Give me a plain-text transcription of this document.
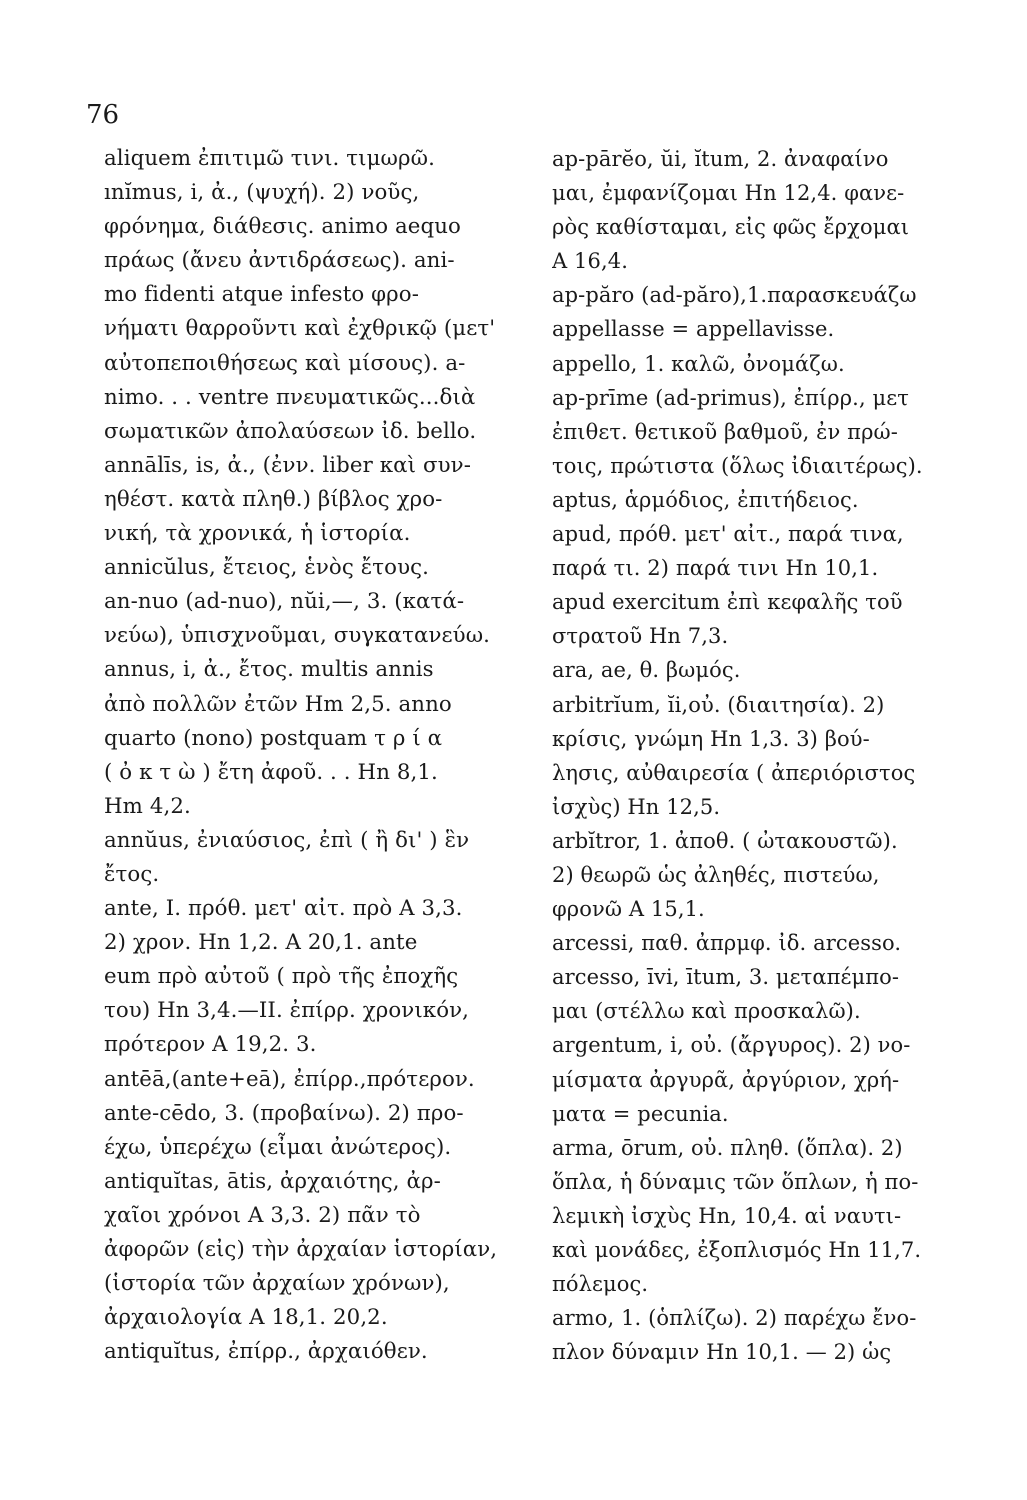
76
aliquem ἐπιτιμῶ τινι. τιμωρῶ.
ınĭmus, i, ἀ., (ψυχή). 2) νοῦς,
φρόνημα, διάθεσις. animo aequo
πράως (ἄνευ ἀντιδράσεως). ani-
mo fidenti atque infesto φρο-
νήματι θαρροῦντι καὶ ἐχθρικῷ (μετ'
αὐτοπεποιθήσεως καὶ μίσους). a-
nimo. . . ventre πνευματικῶς...διὰ
σωματικῶν ἀπολαύσεων ἰδ. bello.
annālīs, is, ἀ., (ἐνν. liber καὶ συν-
ηθέστ. κατὰ πληθ.) βίβλος χρο-
νική, τὰ χρονικά, ἡ ἱστορία.
annicŭlus, ἔτειος, ἑνὸς ἔτους.
an-nuo (ad-nuo), nŭi,—, 3. (κατά-
νεύω), ὑπισχνοῦμαι, συγκατανεύω.
annus, i, ἀ., ἔτος. multis annis
ἀπὸ πολλῶν ἐτῶν Hm 2,5. anno
quarto (nono) postquam τ ρ ί α
( ὀ κ τ ὼ ) ἔτη ἀφοῦ. . . Hn 8,1.
Hm 4,2.
annŭus, ἐνιαύσιος, ἐπὶ ( ἢ δι' ) ἓν
ἔτος.
ante, I. πρόθ. μετ' αἰτ. πρὸ A 3,3.
2) χρον. Hn 1,2. A 20,1. ante
eum πρὸ αὐτοῦ ( πρὸ τῆς ἐποχῆς
του) Hn 3,4.—II. ἐπίρρ. χρονικόν,
πρότερον A 19,2. 3.
antēā,(ante+eā), ἐπίρρ.,πρότερον.
ante-cēdo, 3. (προβαίνω). 2) προ-
έχω, ὑπερέχω (εἶμαι ἀνώτερος).
antiquĭtas, ātis, ἀρχαιότης, ἀρ-
χαῖοι χρόνοι A 3,3. 2) πᾶν τὸ
ἀφορῶν (εἰς) τὴν ἀρχαίαν ἱστορίαν,
(ἱστορία τῶν ἀρχαίων χρόνων),
ἀρχαιολογία A 18,1. 20,2.
antiquĭtus, ἐπίρρ., ἀρχαιόθεν.
ap-pārĕo, ŭi, ĭtum, 2. ἀναφαίνο
μαι, ἐμφανίζομαι Hn 12,4. φανε-
ρὸς καθίσταμαι, εἰς φῶς ἔρχομαι
A 16,4.
ap-păro (ad-păro),1.παρασκευάζω
appellasse = appellavisse.
appello, 1. καλῶ, ὀνομάζω.
ap-prīme (ad-primus), ἐπίρρ., μετ
ἐπιθετ. θετικοῦ βαθμοῦ, ἐν πρώ-
τοις, πρώτιστα (ὅλως ἰδιαιτέρως).
aptus, ἁρμόδιος, ἐπιτήδειος.
apud, πρόθ. μετ' αἰτ., παρά τινα,
παρά τι. 2) παρά τινι Hn 10,1.
apud exercitum ἐπὶ κεφαλῆς τοῦ
στρατοῦ Hn 7,3.
ara, ae, θ. βωμός.
arbitrĭum, ĭi,οὐ. (διαιτησία). 2)
κρίσις, γνώμη Hn 1,3. 3) βού-
λησις, αὐθαιρεσία ( ἀπεριόριστος
ἰσχὺς) Hn 12,5.
arbĭtror, 1. ἀποθ. ( ὠτακουστῶ).
2) θεωρῶ ὡς ἀληθές, πιστεύω,
φρονῶ A 15,1.
arcessi, παθ. ἀπρμφ. ἰδ. arcesso.
arcesso, īvi, ītum, 3. μεταπέμπο-
μαι (στέλλω καὶ προσκαλῶ).
argentum, i, οὐ. (ἄργυρος). 2) νο-
μίσματα ἀργυρᾶ, ἀργύριον, χρή-
ματα = pecunia.
arma, ōrum, οὐ. πληθ. (ὅπλα). 2)
ὅπλα, ἡ δύναμις τῶν ὅπλων, ἡ πο-
λεμικὴ ἰσχὺς Hn, 10,4. αἱ ναυτι-
καὶ μονάδες, ἐξοπλισμός Hn 11,7.
πόλεμος.
armo, 1. (ὁπλίζω). 2) παρέχω ἔνο-
πλον δύναμιν Hn 10,1. — 2) ὡς
